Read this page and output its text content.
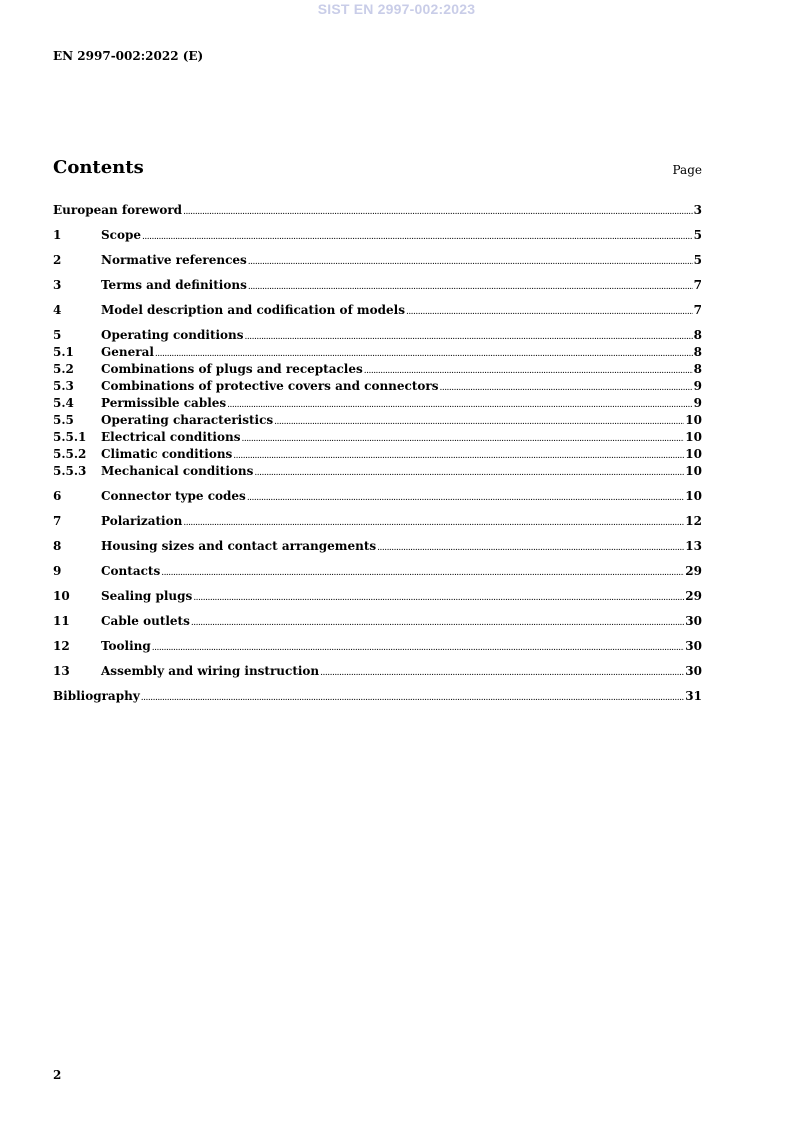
SIST EN 2997-002:2023
EN 2997-002:2022 (E)
Contents	Page
European foreword .....	3
1	Scope .....	5
2	Normative references .....	5
3	Terms and definitions .....	7
4	Model description and codification of models .....	7
5	Operating conditions .....	8
5.1	General .....	8
5.2	Combinations of plugs and receptacles .....	8
5.3	Combinations of protective covers and connectors .....	9
5.4	Permissible cables .....	9
5.5	Operating characteristics .....	10
5.5.1	Electrical conditions .....	10
5.5.2	Climatic conditions .....	10
5.5.3	Mechanical conditions .....	10
6	Connector type codes .....	10
7	Polarization .....	12
8	Housing sizes and contact arrangements .....	13
9	Contacts .....	29
10	Sealing plugs .....	29
11	Cable outlets .....	30
12	Tooling .....	30
13	Assembly and wiring instruction .....	30
Bibliography .....	31
2
